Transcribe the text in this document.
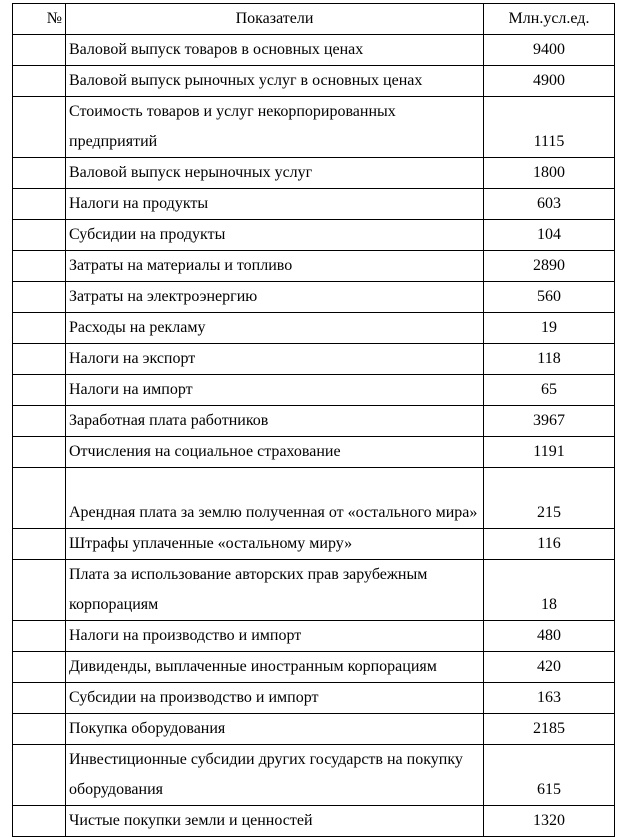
№	Показатели	Млн.усл.ед.
	Валовой выпуск товаров в основных ценах	9400
	Валовой выпуск рыночных услуг в основных ценах	4900
	Стоимость товаров и услуг некорпорированных предприятий	1115
	Валовой выпуск нерыночных услуг	1800
	Налоги на продукты	603
	Субсидии на продукты	104
	Затраты на материалы и топливо	2890
	Затраты на электроэнергию	560
	Расходы на рекламу	19
	Налоги на экспорт	118
	Налоги на импорт	65
	Заработная плата работников	3967
	Отчисления на социальное страхование	1191
	Арендная плата за землю полученная от «остального мира»	215
	Штрафы уплаченные «остальному миру»	116
	Плата за использование авторских прав зарубежным корпорациям	18
	Налоги на производство и импорт	480
	Дивиденды, выплаченные иностранным корпорациям	420
	Субсидии на производство и импорт	163
	Покупка оборудования	2185
	Инвестиционные субсидии других государств на покупку оборудования	615
	Чистые покупки земли и ценностей	1320
